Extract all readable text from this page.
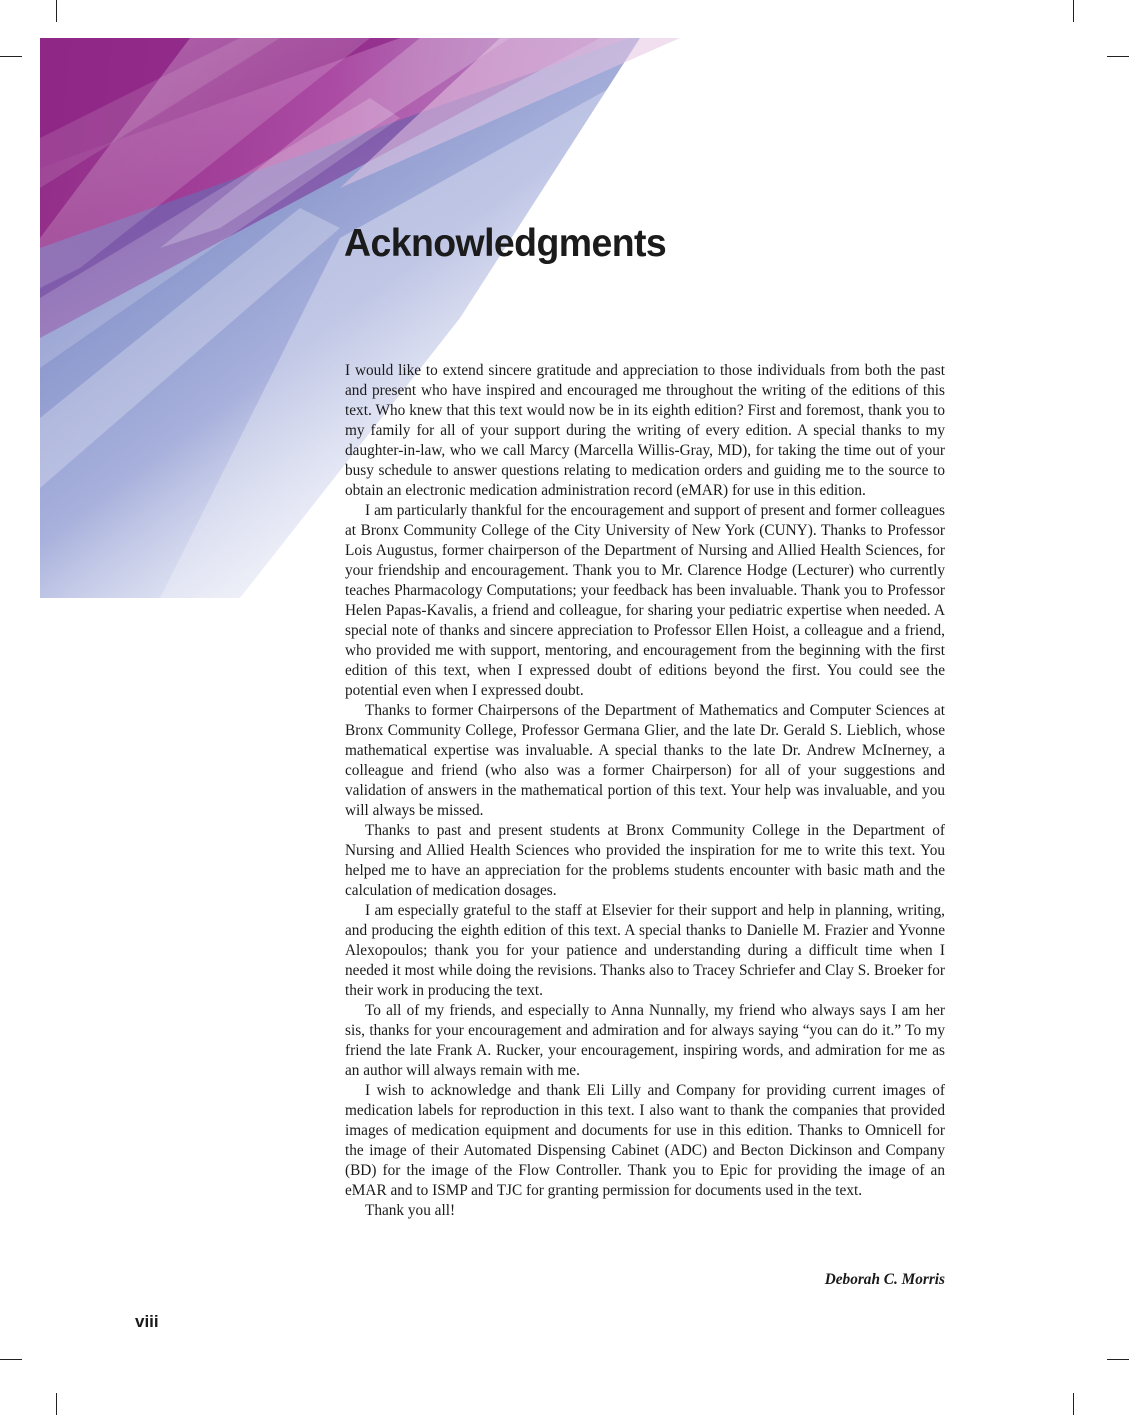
Acknowledgments

I would like to extend sincere gratitude and appreciation to those individuals from both the past and present who have inspired and encouraged me throughout the writing of the editions of this text. Who knew that this text would now be in its eighth edition? First and foremost, thank you to my family for all of your support during the writing of every edition. A special thanks to my daughter-in-law, who we call Marcy (Marcella Willis-Gray, MD), for taking the time out of your busy schedule to answer questions relating to medication orders and guiding me to the source to obtain an electronic medication administration record (eMAR) for use in this edition.

I am particularly thankful for the encouragement and support of present and former colleagues at Bronx Community College of the City University of New York (CUNY). Thanks to Professor Lois Augustus, former chairperson of the Department of Nursing and Allied Health Sciences, for your friendship and encouragement. Thank you to Mr. Clarence Hodge (Lecturer) who currently teaches Pharmacology Computations; your feedback has been invaluable. Thank you to Professor Helen Papas-Kavalis, a friend and colleague, for sharing your pediatric expertise when needed. A special note of thanks and sincere appreciation to Professor Ellen Hoist, a colleague and a friend, who provided me with support, mentoring, and encouragement from the beginning with the first edition of this text, when I expressed doubt of editions beyond the first. You could see the potential even when I expressed doubt.

Thanks to former Chairpersons of the Department of Mathematics and Computer Sciences at Bronx Community College, Professor Germana Glier, and the late Dr. Gerald S. Lieblich, whose mathematical expertise was invaluable. A special thanks to the late Dr. Andrew McInerney, a colleague and friend (who also was a former Chairperson) for all of your suggestions and validation of answers in the mathematical portion of this text. Your help was invaluable, and you will always be missed.

Thanks to past and present students at Bronx Community College in the Department of Nursing and Allied Health Sciences who provided the inspiration for me to write this text. You helped me to have an appreciation for the problems students encounter with basic math and the calculation of medication dosages.

I am especially grateful to the staff at Elsevier for their support and help in planning, writing, and producing the eighth edition of this text. A special thanks to Danielle M. Frazier and Yvonne Alexopoulos; thank you for your patience and understanding during a difficult time when I needed it most while doing the revisions. Thanks also to Tracey Schriefer and Clay S. Broeker for their work in producing the text.

To all of my friends, and especially to Anna Nunnally, my friend who always says I am her sis, thanks for your encouragement and admiration and for always saying “you can do it.” To my friend the late Frank A. Rucker, your encouragement, inspiring words, and admiration for me as an author will always remain with me.

I wish to acknowledge and thank Eli Lilly and Company for providing current images of medication labels for reproduction in this text. I also want to thank the companies that provided images of medication equipment and documents for use in this edition. Thanks to Omnicell for the image of their Automated Dispensing Cabinet (ADC) and Becton Dickinson and Company (BD) for the image of the Flow Controller. Thank you to Epic for providing the image of an eMAR and to ISMP and TJC for granting permission for documents used in the text.

Thank you all!

Deborah C. Morris

viii
